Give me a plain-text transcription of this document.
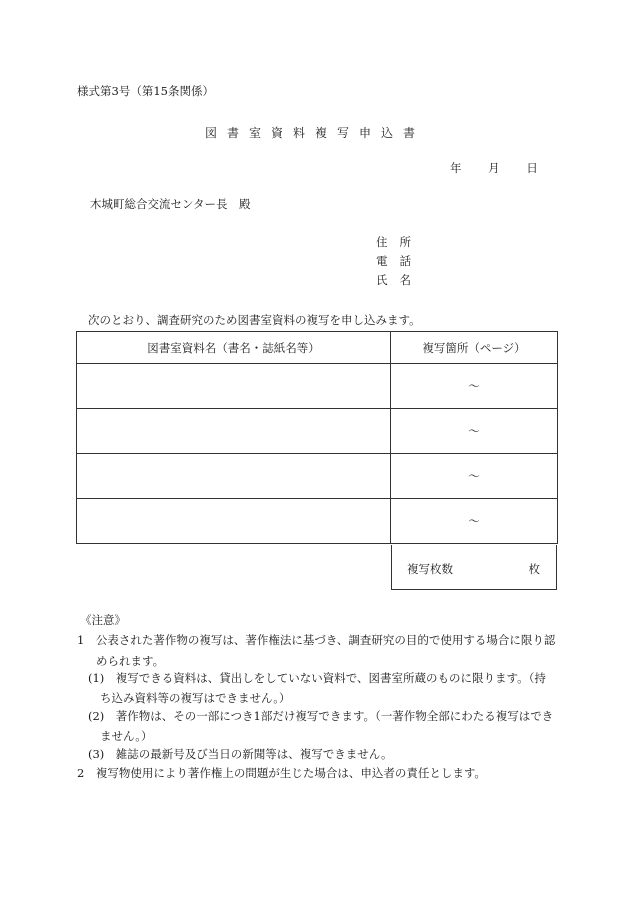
様式第3号（第15条関係）
図書室資料複写申込書
年 月 日
木城町総合交流センター長　殿
住所
電話
氏名
次のとおり、調査研究のため図書室資料の複写を申し込みます。
図書室資料名（書名・誌紙名等）	複写箇所（ページ）
	～
	～
	～
	～
複写枚数	枚
《注意》
1　公表された著作物の複写は、著作権法に基づき、調査研究の目的で使用する場合に限り認められます。
(1)　複写できる資料は、貸出しをしていない資料で、図書室所蔵のものに限ります。（持ち込み資料等の複写はできません。）
(2)　著作物は、その一部につき1部だけ複写できます。（一著作物全部にわたる複写はできません。）
(3)　雑誌の最新号及び当日の新聞等は、複写できません。
2　複写物使用により著作権上の問題が生じた場合は、申込者の責任とします。
